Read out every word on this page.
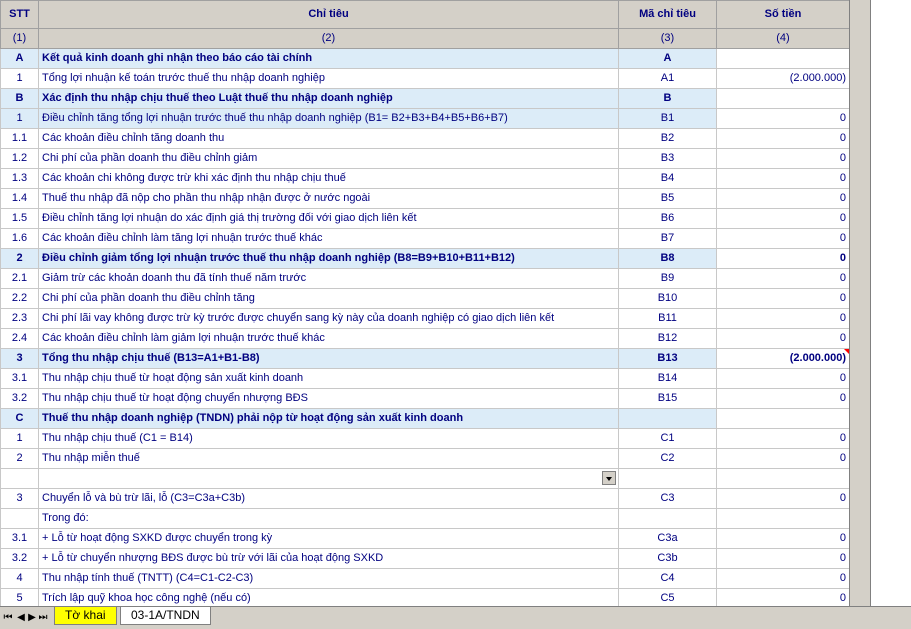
STT	Chỉ tiêu	Mã chỉ tiêu	Số tiền
(1)	(2)	(3)	(4)
A	Kết quả kinh doanh ghi nhận theo báo cáo tài chính	A	
1	Tổng lợi nhuận kế toán trước thuế thu nhập doanh nghiệp	A1	(2.000.000)
B	Xác định thu nhập chịu thuế theo Luật thuế thu nhập doanh nghiệp	B	
1	Điều chỉnh tăng tổng lợi nhuận trước thuế thu nhập doanh nghiệp (B1= B2+B3+B4+B5+B6+B7)	B1	0
1.1	Các khoản điều chỉnh tăng doanh thu	B2	0
1.2	Chi phí của phần doanh thu điều chỉnh giảm	B3	0
1.3	Các khoản chi không được trừ khi xác định thu nhập chịu thuế	B4	0
1.4	Thuế thu nhập đã nộp cho phần thu nhập nhận được ở nước ngoài	B5	0
1.5	Điều chỉnh tăng lợi nhuận do xác định giá thị trường đối với giao dịch liên kết	B6	0
1.6	Các khoản điều chỉnh làm tăng lợi nhuận trước thuế khác	B7	0
2	Điều chỉnh giảm tổng lợi nhuận trước thuế thu nhập doanh nghiệp (B8=B9+B10+B11+B12)	B8	0
2.1	Giảm trừ các khoản doanh thu đã tính thuế năm trước	B9	0
2.2	Chi phí của phần doanh thu điều chỉnh tăng	B10	0
2.3	Chi phí lãi vay không được trừ kỳ trước được chuyển sang kỳ này của doanh nghiệp có giao dịch liên kết	B11	0
2.4	Các khoản điều chỉnh làm giảm lợi nhuận trước thuế khác	B12	0
3	Tổng thu nhập chịu thuế (B13=A1+B1-B8)	B13	(2.000.000)
3.1	Thu nhập chịu thuế từ hoạt động sản xuất kinh doanh	B14	0
3.2	Thu nhập chịu thuế từ hoạt động chuyển nhượng BĐS	B15	0
C	Thuế thu nhập doanh nghiệp (TNDN) phải nộp từ hoạt động sản xuất kinh doanh		
1	Thu nhập chịu thuế (C1 = B14)	C1	0
2	Thu nhập miễn thuế	C2	0

3	Chuyển lỗ và bù trừ lãi, lỗ (C3=C3a+C3b)	C3	0
	Trong đó:		
3.1	+ Lỗ từ hoạt động SXKD được chuyển trong kỳ	C3a	0
3.2	+ Lỗ từ chuyển nhượng BĐS được bù trừ với lãi của hoạt động SXKD	C3b	0
4	Thu nhập tính thuế (TNTT) (C4=C1-C2-C3)	C4	0
5	Trích lập quỹ khoa học công nghệ (nếu có)	C5	0
⏮ ◀ ▶ ⏭	Tờ khai	03-1A/TNDN
